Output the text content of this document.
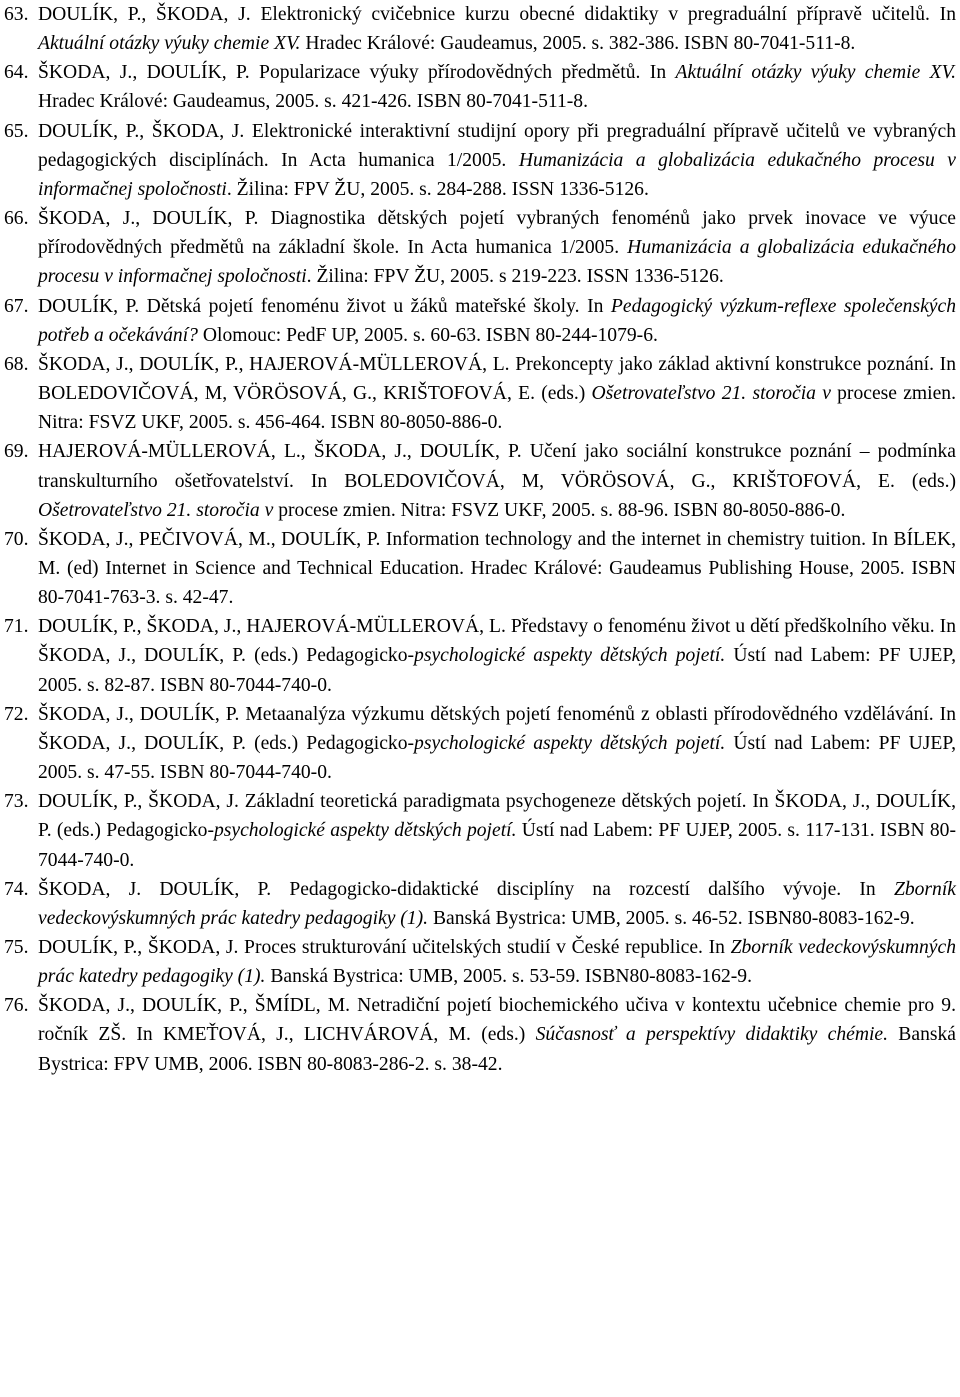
63. DOULÍK, P., ŠKODA, J. Elektronický cvičebnice kurzu obecné didaktiky v pregraduální přípravě učitelů. In Aktuální otázky výuky chemie XV. Hradec Králové: Gaudeamus, 2005. s. 382-386. ISBN 80-7041-511-8.
64. ŠKODA, J., DOULÍK, P. Popularizace výuky přírodovědných předmětů. In Aktuální otázky výuky chemie XV. Hradec Králové: Gaudeamus, 2005. s. 421-426. ISBN 80-7041-511-8.
65. DOULÍK, P., ŠKODA, J. Elektronické interaktivní studijní opory při pregraduální přípravě učitelů ve vybraných pedagogických disciplínách. In Acta humanica 1/2005. Humanizácia a globalizácia edukačného procesu v informačnej spoločnosti. Žilina: FPV ŽU, 2005. s. 284-288. ISSN 1336-5126.
66. ŠKODA, J., DOULÍK, P. Diagnostika dětských pojetí vybraných fenoménů jako prvek inovace ve výuce přírodovědných předmětů na základní škole. In Acta humanica 1/2005. Humanizácia a globalizácia edukačného procesu v informačnej spoločnosti. Žilina: FPV ŽU, 2005. s 219-223. ISSN 1336-5126.
67. DOULÍK, P. Dětská pojetí fenoménu život u žáků mateřské školy. In Pedagogický výzkum-reflexe společenských potřeb a očekávání? Olomouc: PedF UP, 2005. s. 60-63. ISBN 80-244-1079-6.
68. ŠKODA, J., DOULÍK, P., HAJEROVÁ-MÜLLEROVÁ, L. Prekoncepty jako základ aktivní konstrukce poznání. In BOLEDOVIČOVÁ, M, VÖRÖSOVÁ, G., KRIŠTOFOVÁ, E. (eds.) Ošetrovateľstvo 21. storočia v procese zmien. Nitra: FSVZ UKF, 2005. s. 456-464. ISBN 80-8050-886-0.
69. HAJEROVÁ-MÜLLEROVÁ, L., ŠKODA, J., DOULÍK, P. Učení jako sociální konstrukce poznání – podmínka transkulturního ošetřovatelství. In BOLEDOVIČOVÁ, M, VÖRÖSOVÁ, G., KRIŠTOFOVÁ, E. (eds.) Ošetrovateľstvo 21. storočia v procese zmien. Nitra: FSVZ UKF, 2005. s. 88-96. ISBN 80-8050-886-0.
70. ŠKODA, J., PEČIVOVÁ, M., DOULÍK, P. Information technology and the internet in chemistry tuition. In BÍLEK, M. (ed) Internet in Science and Technical Education. Hradec Králové: Gaudeamus Publishing House, 2005. ISBN 80-7041-763-3. s. 42-47.
71. DOULÍK, P., ŠKODA, J., HAJEROVÁ-MÜLLEROVÁ, L. Představy o fenoménu život u dětí předškolního věku. In ŠKODA, J., DOULÍK, P. (eds.) Pedagogicko-psychologické aspekty dětských pojetí. Ústí nad Labem: PF UJEP, 2005. s. 82-87. ISBN 80-7044-740-0.
72. ŠKODA, J., DOULÍK, P. Metaanalýza výzkumu dětských pojetí fenoménů z oblasti přírodovědného vzdělávání. In ŠKODA, J., DOULÍK, P. (eds.) Pedagogicko-psychologické aspekty dětských pojetí. Ústí nad Labem: PF UJEP, 2005. s. 47-55. ISBN 80-7044-740-0.
73. DOULÍK, P., ŠKODA, J. Základní teoretická paradigmata psychogeneze dětských pojetí. In ŠKODA, J., DOULÍK, P. (eds.) Pedagogicko-psychologické aspekty dětských pojetí. Ústí nad Labem: PF UJEP, 2005. s. 117-131. ISBN 80-7044-740-0.
74. ŠKODA, J. DOULÍK, P. Pedagogicko-didaktické disciplíny na rozcestí dalšího vývoje. In Zborník vedeckovýskumných prác katedry pedagogiky (1). Banská Bystrica: UMB, 2005. s. 46-52. ISBN80-8083-162-9.
75. DOULÍK, P., ŠKODA, J. Proces strukturování učitelských studií v České republice. In Zborník vedeckovýskumných prác katedry pedagogiky (1). Banská Bystrica: UMB, 2005. s. 53-59. ISBN80-8083-162-9.
76. ŠKODA, J., DOULÍK, P., ŠMÍDL, M. Netradiční pojetí biochemického učiva v kontextu učebnice chemie pro 9. ročník ZŠ. In KMEŤOVÁ, J., LICHVÁROVÁ, M. (eds.) Súčasnosť a perspektívy didaktiky chémie. Banská Bystrica: FPV UMB, 2006. ISBN 80-8083-286-2. s. 38-42.
